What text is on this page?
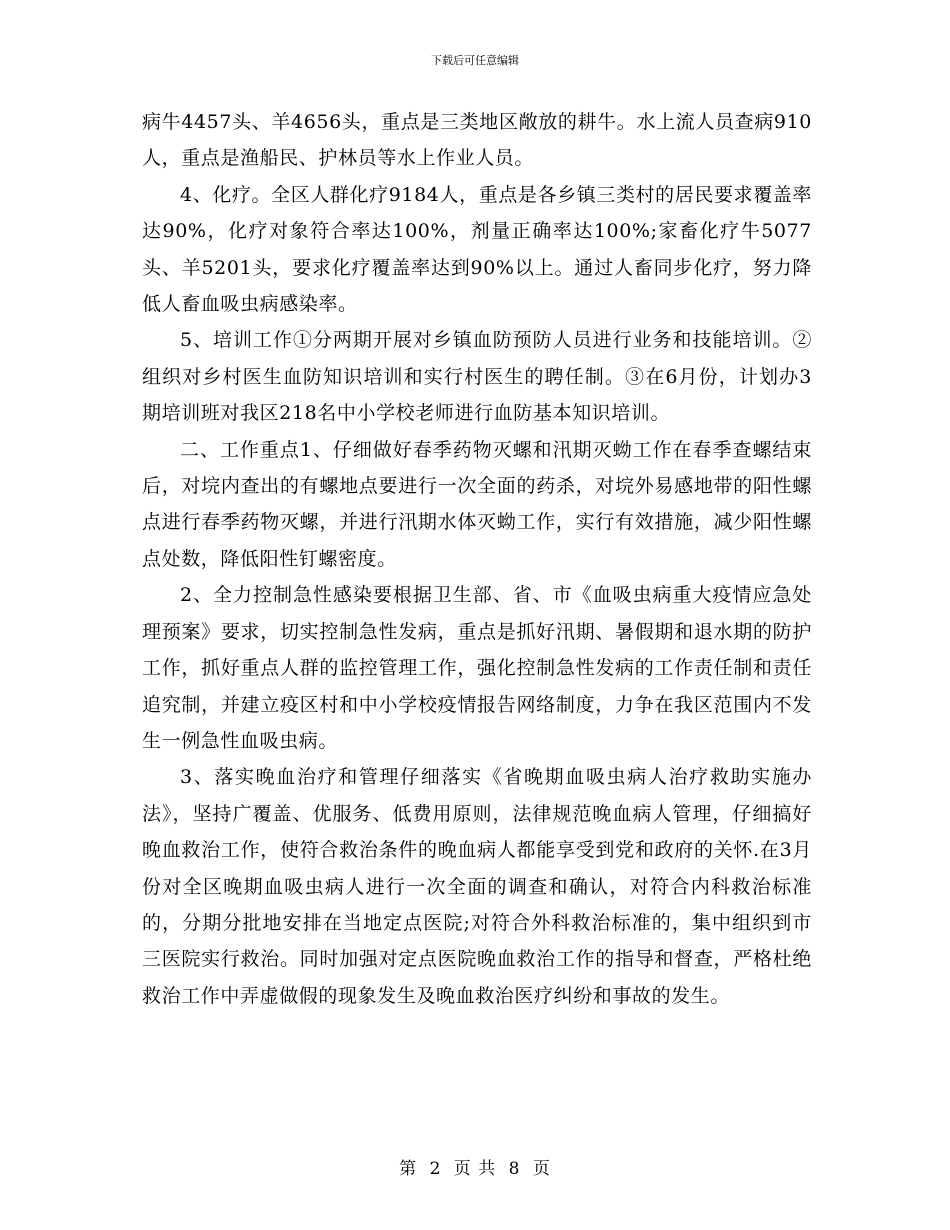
下载后可任意编辑

病牛4457头、羊4656头，重点是三类地区敞放的耕牛。水上流人员查病910人，重点是渔船民、护林员等水上作业人员。

4、化疗。全区人群化疗9184人，重点是各乡镇三类村的居民要求覆盖率达90%，化疗对象符合率达100%，剂量正确率达100%;家畜化疗牛5077头、羊5201头，要求化疗覆盖率达到90%以上。通过人畜同步化疗，努力降低人畜血吸虫病感染率。

5、培训工作①分两期开展对乡镇血防预防人员进行业务和技能培训。②组织对乡村医生血防知识培训和实行村医生的聘任制。③在6月份，计划办3期培训班对我区218名中小学校老师进行血防基本知识培训。

二、工作重点1、仔细做好春季药物灭螺和汛期灭蚴工作在春季查螺结束后，对垸内查出的有螺地点要进行一次全面的药杀，对垸外易感地带的阳性螺点进行春季药物灭螺，并进行汛期水体灭蚴工作，实行有效措施，减少阳性螺点处数，降低阳性钉螺密度。

2、全力控制急性感染要根据卫生部、省、市《血吸虫病重大疫情应急处理预案》要求，切实控制急性发病，重点是抓好汛期、暑假期和退水期的防护工作，抓好重点人群的监控管理工作，强化控制急性发病的工作责任制和责任追究制，并建立疫区村和中小学校疫情报告网络制度，力争在我区范围内不发生一例急性血吸虫病。

3、落实晚血治疗和管理仔细落实《省晚期血吸虫病人治疗救助实施办法》，坚持广覆盖、优服务、低费用原则，法律规范晚血病人管理，仔细搞好晚血救治工作，使符合救治条件的晚血病人都能享受到党和政府的关怀.在3月份对全区晚期血吸虫病人进行一次全面的调查和确认，对符合内科救治标准的，分期分批地安排在当地定点医院;对符合外科救治标准的，集中组织到市三医院实行救治。同时加强对定点医院晚血救治工作的指导和督查，严格杜绝救治工作中弄虚做假的现象发生及晚血救治医疗纠纷和事故的发生。

第 2 页 共 8 页
